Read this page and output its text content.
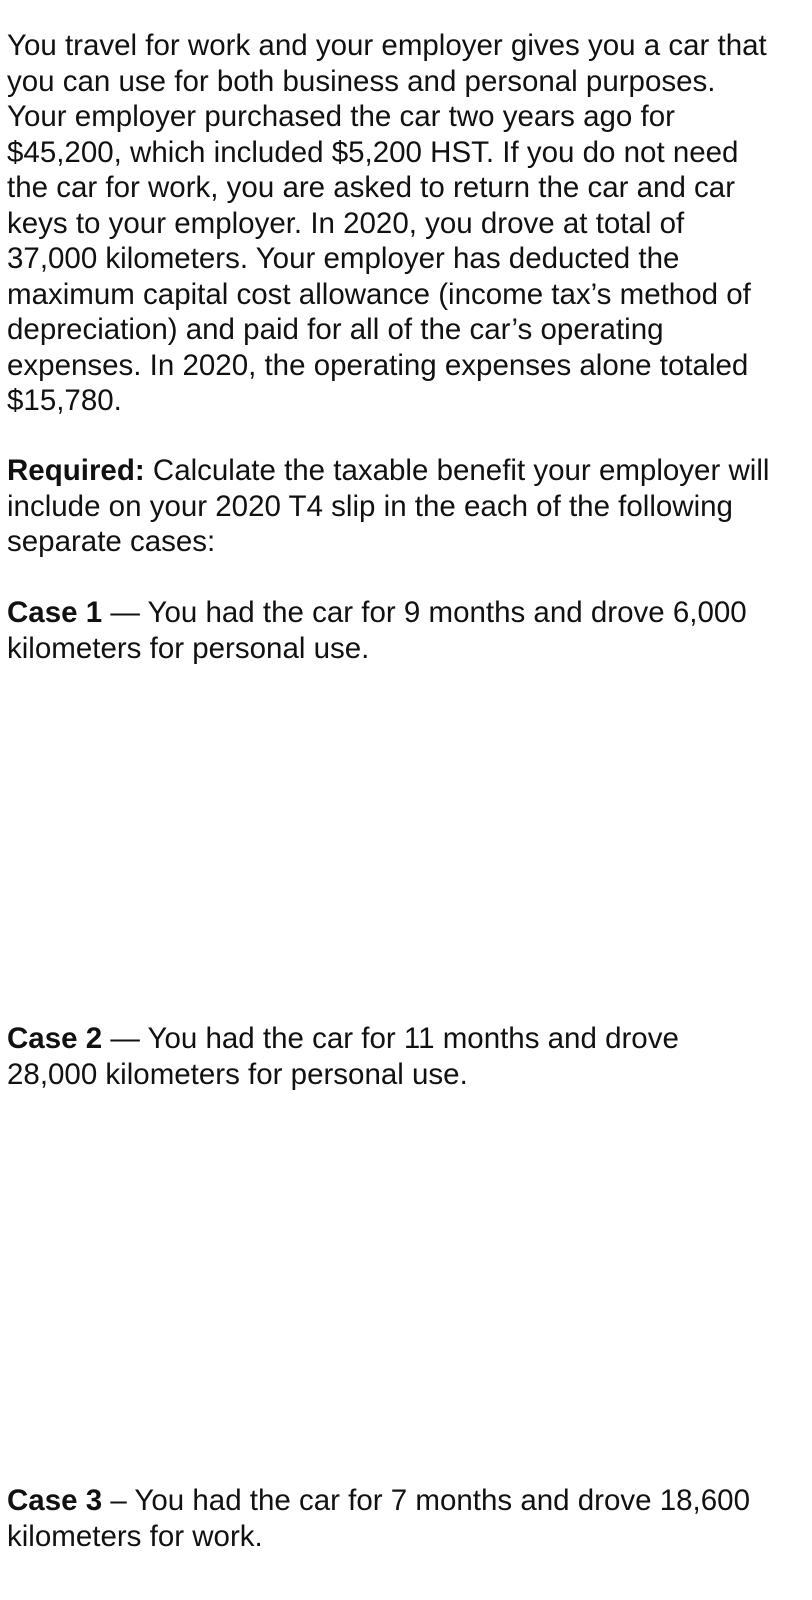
You travel for work and your employer gives you a car that
you can use for both business and personal purposes.
Your employer purchased the car two years ago for
$45,200, which included $5,200 HST. If you do not need
the car for work, you are asked to return the car and car
keys to your employer. In 2020, you drove at total of
37,000 kilometers. Your employer has deducted the
maximum capital cost allowance (income tax’s method of
depreciation) and paid for all of the car’s operating
expenses. In 2020, the operating expenses alone totaled
$15,780.
Required: Calculate the taxable benefit your employer will
include on your 2020 T4 slip in the each of the following
separate cases:
Case 1 — You had the car for 9 months and drove 6,000
kilometers for personal use.
Case 2 — You had the car for 11 months and drove
28,000 kilometers for personal use.
Case 3 – You had the car for 7 months and drove 18,600
kilometers for work.
